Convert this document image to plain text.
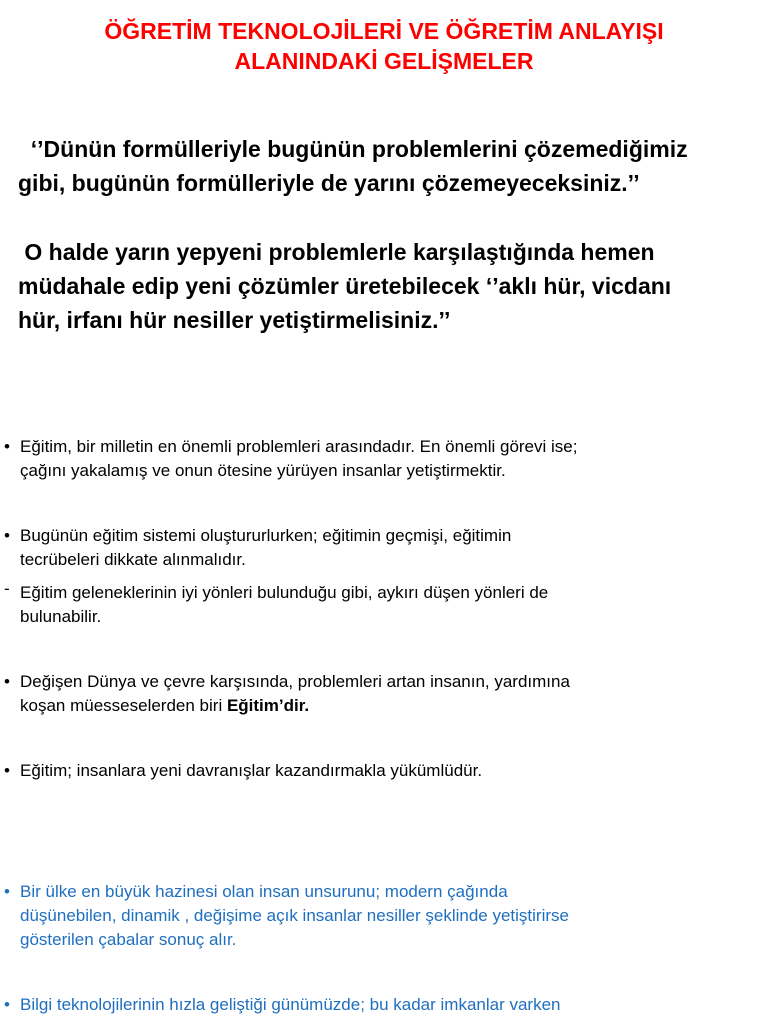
ÖĞRETİM TEKNOLOJİLERİ VE ÖĞRETİM ANLAYIŞI
ALANINDAKİ GELİŞMELER
‘’Dünün formülleriyle bugünün problemlerini çözemediğimiz
gibi, bugünün formülleriyle de yarını çözemeyeceksiniz.’’
O halde yarın yepyeni problemlerle karşılaştığında hemen
müdahale edip yeni çözümler üretebilecek ‘’aklı hür, vicdanı
hür, irfanı hür nesiller yetiştirmelisiniz.’’
• Eğitim, bir milletin en önemli problemleri arasındadır. En önemli görevi ise;
çağını yakalamış ve onun ötesine yürüyen insanlar yetiştirmektir.
• Bugünün eğitim sistemi oluştururlurken; eğitimin geçmişi, eğitimin
tecrübeleri dikkate alınmalıdır.
- Eğitim geleneklerinin iyi yönleri bulunduğu gibi, aykırı düşen yönleri de
bulunabilir.
• Değişen Dünya ve çevre karşısında, problemleri artan insanın, yardımına
koşan müesseselerden biri Eğitim’dir.
• Eğitim; insanlara yeni davranışlar kazandırmakla yükümlüdür.
• Bir ülke en büyük hazinesi olan insan unsurunu; modern çağında
düşünebilen, dinamik , değişime açık insanlar nesiller şeklinde yetiştirirse
gösterilen çabalar sonuç alır.
• Bilgi teknolojilerinin hızla geliştiği günümüzde; bu kadar imkanlar varken
